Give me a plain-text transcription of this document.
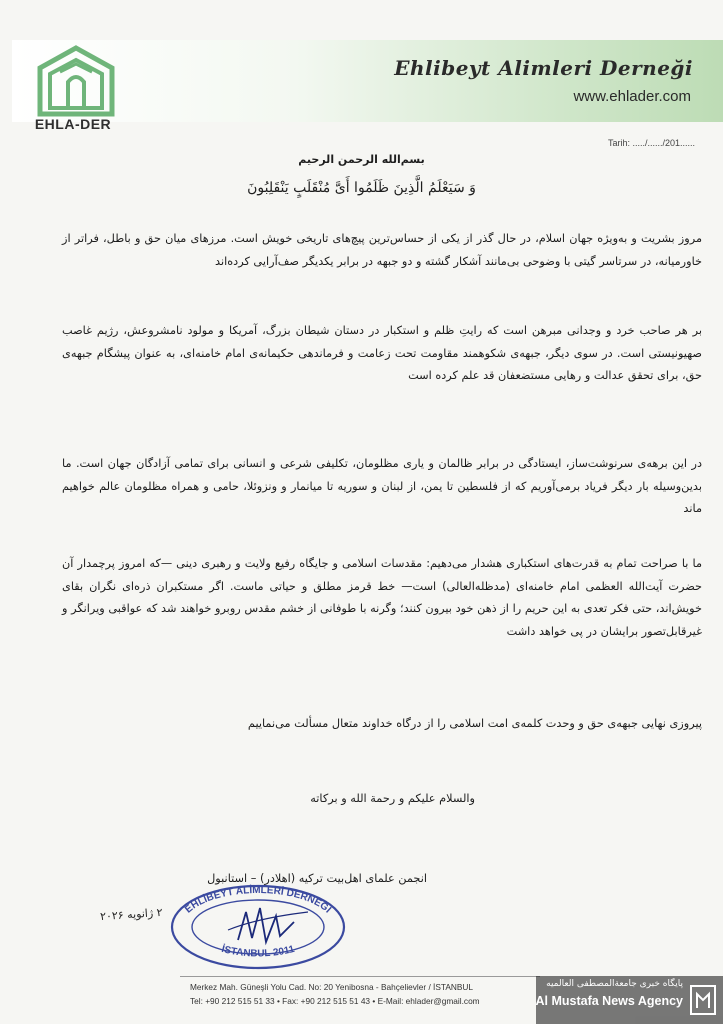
EHLA-DER
Ehlibeyt Alimleri Derneği
www.ehlader.com
Tarih: ...../....../201......
بسم‌الله الرحمن الرحیم
وَ سَیَعْلَمُ الَّذِینَ ظَلَمُوا أَیَّ مُنْقَلَبٍ یَنْقَلِبُونَ
مروز بشریت و به‌ویژه جهان اسلام، در حال گذر از یکی از حساس‌ترین پیچ‌های تاریخی خویش است. مرزهای میان حق و باطل، فراتر از خاورمیانه، در سرتاسر گیتی با وضوحی بی‌مانند آشکار گشته و دو جبهه در برابر یکدیگر صف‌آرایی کرده‌اند
بر هر صاحب خرد و وجدانی مبرهن است که رایتِ ظلم و استکبار در دستان شیطان بزرگ، آمریکا و مولود نامشروعش، رژیم غاصب صهیونیستی است. در سوی دیگر، جبهه‌ی شکوهمند مقاومت تحت زعامت و فرماندهی حکیمانه‌ی امام خامنه‌ای، به عنوان پیشگام جبهه‌ی حق، برای تحقق عدالت و رهایی مستضعفان قد علم کرده است
در این برهه‌ی سرنوشت‌ساز، ایستادگی در برابر ظالمان و یاری مظلومان، تکلیفی شرعی و انسانی برای تمامی آزادگان جهان است. ما بدین‌وسیله بار دیگر فریاد برمی‌آوریم که از فلسطین تا یمن، از لبنان و سوریه تا میانمار و ونزوئلا، حامی و همراه مظلومان عالم خواهیم ماند
ما با صراحت تمام به قدرت‌های استکباری هشدار می‌دهیم: مقدسات اسلامی و جایگاه رفیع ولایت و رهبری دینی —که امروز پرچمدار آن حضرت آیت‌الله العظمی امام خامنه‌ای (مدظله‌العالی) است— خط قرمز مطلق و حیاتی ماست. اگر مستکبران ذره‌ای نگران بقای خویش‌اند، حتی فکر تعدی به این حریم را از ذهن خود بیرون کنند؛ وگرنه با طوفانی از خشم مقدس روبرو خواهند شد که عواقبی ویرانگر و غیرقابل‌تصور برایشان در پی خواهد داشت
پیروزی نهایی جبهه‌ی حق و وحدت کلمه‌ی امت اسلامی را از درگاه خداوند متعال مسألت می‌نماییم
والسلام علیکم و رحمة الله و برکاته
انجمن علمای اهل‌بیت ترکیه (اهلادر) – استانبول
EHLİBEYT ALİMLERİ DERNEĞİ
İSTANBUL 2011
۲ ژانویه ۲۰۲۶
Merkez Mah. Güneşli Yolu Cad. No: 20 Yenibosna - Bahçelievler / İSTANBUL
Tel: +90 212 515 51 33 • Fax: +90 212 515 51 43 • E-Mail: ehlader@gmail.com
پایگاه خبری جامعة‌المصطفی العالمیه
Al Mustafa News Agency
